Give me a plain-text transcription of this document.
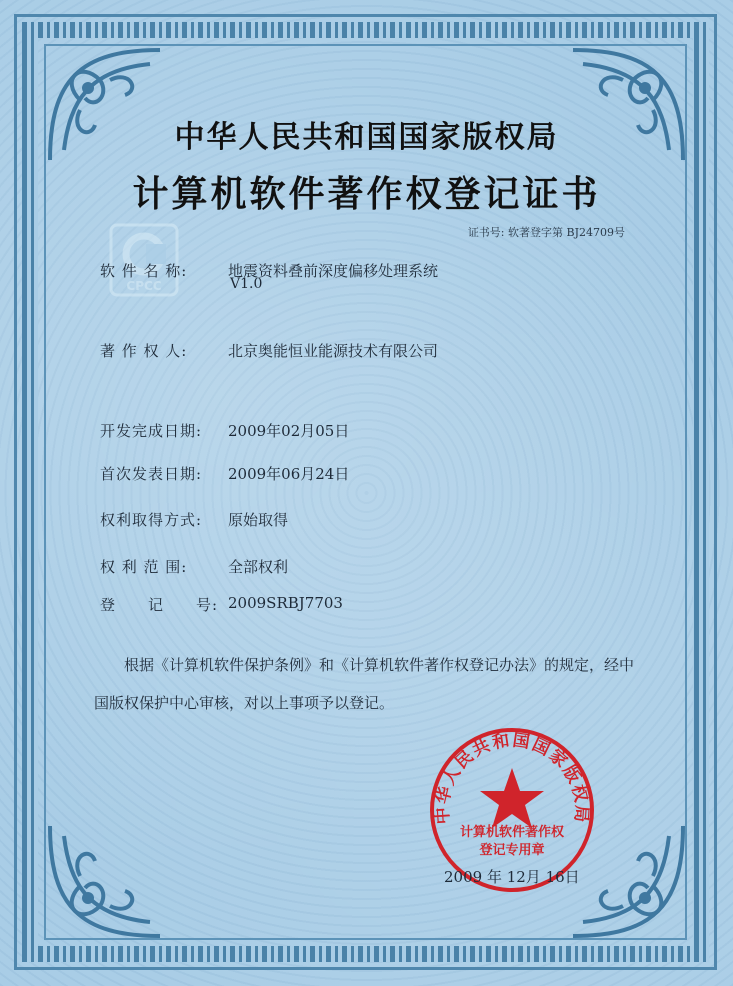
中华人民共和国国家版权局
计算机软件著作权登记证书
证书号: 软著登字第 BJ24709号
CPCC
软 件 名 称:	地震资料叠前深度偏移处理系统
V1.0
著 作 权 人:	北京奥能恒业能源技术有限公司
开发完成日期: 2009年02月05日
首次发表日期: 2009年06月24日
权利取得方式: 原始取得
权 利 范 围:	全部权利
登　　记　　号: 2009SRBJ7703
根据《计算机软件保护条例》和《计算机软件著作权登记办法》的规定，经中国版权保护中心审核，对以上事项予以登记。
中华人民共和国国家版权局
计算机软件著作权
登记专用章
2009 年 12月 16日
